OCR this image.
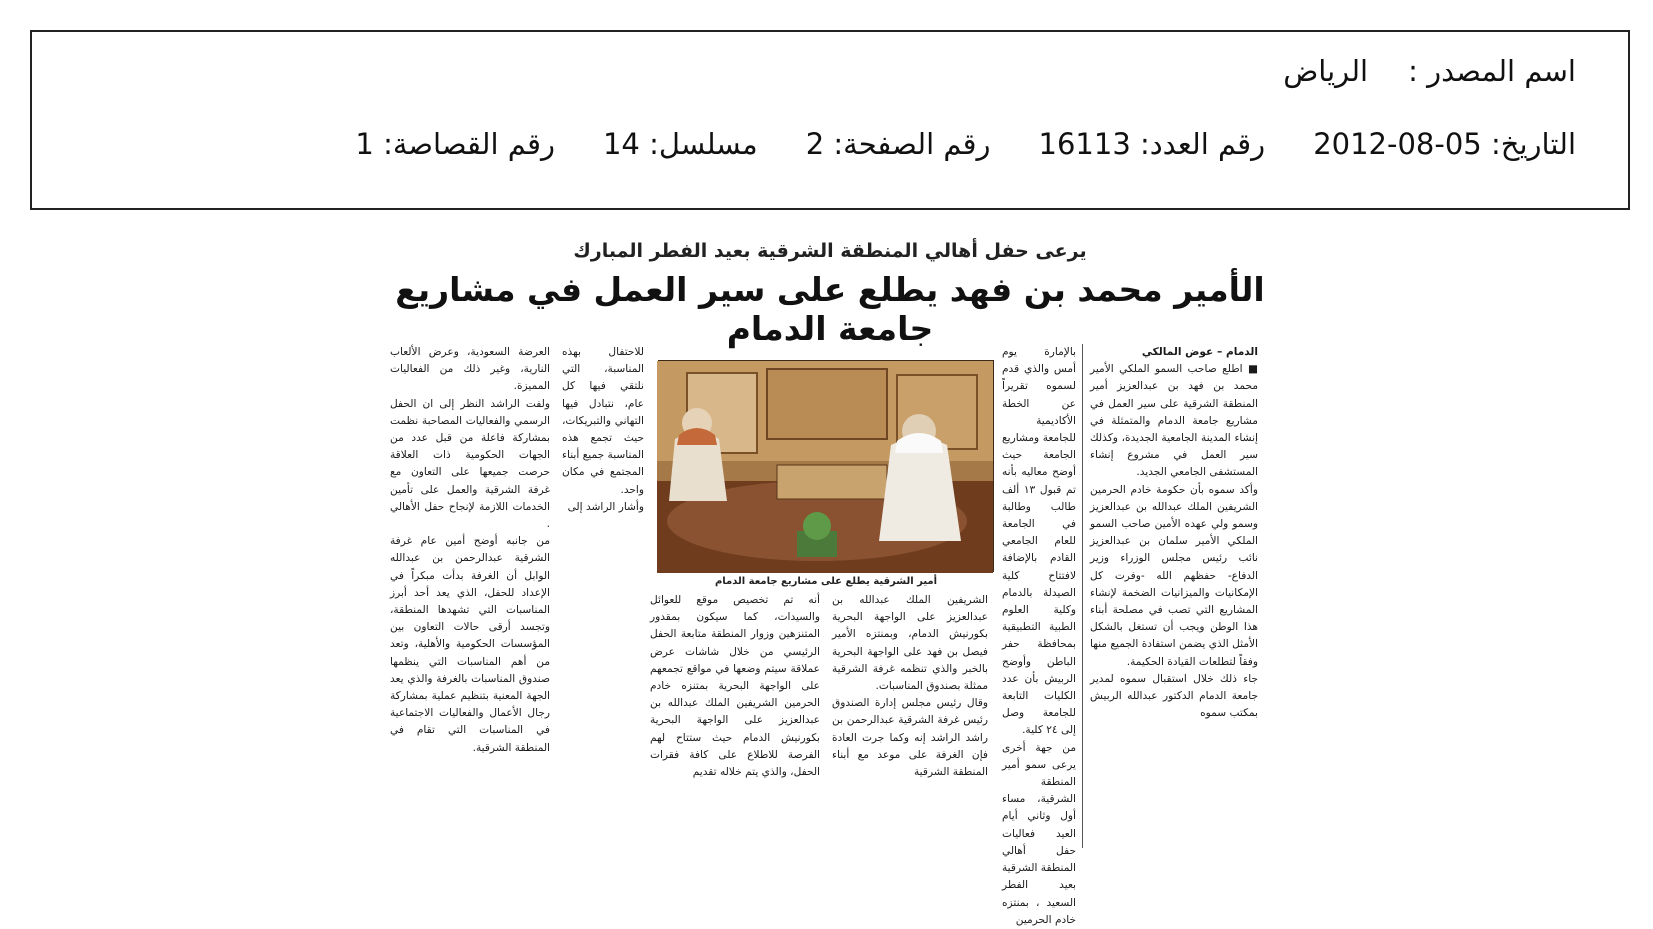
اسم المصدر :الرياض
التاريخ: 2012-08-05رقم العدد: 16113رقم الصفحة: 2مسلسل: 14رقم القصاصة: 1
يرعى حفل أهالي المنطقة الشرقية بعيد الفطر المبارك
الأمير محمد بن فهد يطلع على سير العمل في مشاريع جامعة الدمام
الدمام – عوض المالكي
■ اطلع صاحب السمو الملكي الأمير محمد بن فهد بن عبدالعزيز أمير المنطقة الشرقية على سير العمل في مشاريع جامعة الدمام والمتمثلة في إنشاء المدينة الجامعية الجديدة، وكذلك سير العمل في مشروع إنشاء المستشفى الجامعي الجديد.
وأكد سموه بأن حكومة خادم الحرمين الشريفين الملك عبدالله بن عبدالعزيز وسمو ولي عهده الأمين صاحب السمو الملكي الأمير سلمان بن عبدالعزيز نائب رئيس مجلس الوزراء وزير الدفاع- حفظهم الله -وفرت كل الإمكانيات والميزانيات الضخمة لإنشاء المشاريع التي تصب في مصلحة أبناء هذا الوطن ويجب أن تستغل بالشكل الأمثل الذي يضمن استفادة الجميع منها وفقاً لتطلعات القيادة الحكيمة.
جاء ذلك خلال استقبال سموه لمدير جامعة الدمام الدكتور عبدالله الربيش بمكتب سموه
بالإمارة يوم أمس والذي قدم لسموه تقريراً عن الخطة الأكاديمية للجامعة ومشاريع الجامعة حيث أوضح معاليه بأنه تم قبول ١٣ ألف طالب وطالبة في الجامعة للعام الجامعي القادم بالإضافة لافتتاح كلية الصيدلة بالدمام وكلية العلوم الطبية التطبيقية بمحافظة حفر الباطن وأوضح الربيش بأن عدد الكليات التابعة للجامعة وصل إلى ٢٤ كلية.
من جهة أخرى يرعى سمو أمير المنطقة الشرقية، مساء أول وثاني أيام العيد فعاليات حفل أهالي المنطقة الشرقية بعيد الفطر السعيد ، بمنتزه خادم الحرمين
أمير الشرقية يطلع على مشاريع جامعة الدمام
للاحتفال بهذه المناسبة، التي نلتقي فيها كل عام، نتبادل فيها التهاني والتبريكات، حيث تجمع هذه المناسبة جميع أبناء المجتمع في مكان واحد.
وأشار الراشد إلى
الشريفين الملك عبدالله بن عبدالعزيز على الواجهة البحرية بكورنيش الدمام، وبمنتزه الأمير فيصل بن فهد على الواجهة البحرية بالخبر والذي تنظمه غرفة الشرقية ممثلة بصندوق المناسبات.
وقال رئيس مجلس إدارة الصندوق رئيس غرفة الشرقية عبدالرحمن بن راشد الراشد إنه وكما جرت العادة فإن الغرفة على موعد مع أبناء المنطقة الشرقية
أنه تم تخصيص موقع للعوائل والسيدات، كما سيكون بمقدور المتنزهين وزوار المنطقة متابعة الحفل الرئيسي من خلال شاشات عرض عملاقة سيتم وضعها في مواقع تجمعهم على الواجهة البحرية بمتنزه خادم الحرمين الشريفين الملك عبدالله بن عبدالعزيز على الواجهة البحرية بكورنيش الدمام حيث ستتاح لهم الفرصة للاطلاع على كافة فقرات الحفل، والذي يتم خلاله تقديم
العرضة السعودية، وعرض الألعاب النارية، وغير ذلك من الفعاليات المميزة.
ولفت الراشد النظر إلى ان الحفل الرسمي والفعاليات المصاحبة نظمت بمشاركة فاعلة من قبل عدد من الجهات الحكومية ذات العلاقة حرصت جميعها على التعاون مع غرفة الشرقية والعمل على تأمين الخدمات اللازمة لإنجاح حفل الأهالي .
من جانبه أوضح أمين عام غرفة الشرقية عبدالرحمن بن عبدالله الوابل أن الغرفة بدأت مبكراً في الإعداد للحفل، الذي يعد أحد أبرز المناسبات التي تشهدها المنطقة، وتجسد أرقى حالات التعاون بين المؤسسات الحكومية والأهلية، وتعد من أهم المناسبات التي ينظمها صندوق المناسبات بالغرفة والذي يعد الجهة المعنية بتنظيم عملية بمشاركة رجال الأعمال والفعاليات الاجتماعية في المناسبات التي تقام في المنطقة الشرقية.
